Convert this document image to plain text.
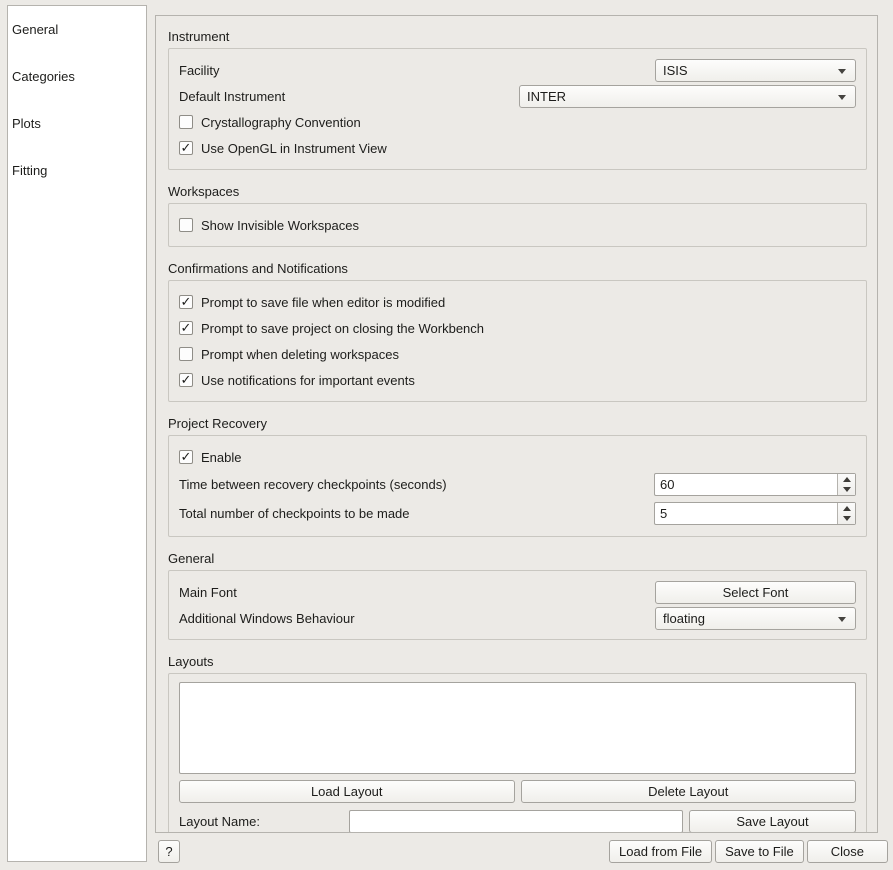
General
Categories
Plots
Fitting
Instrument
Facility	ISIS
Default Instrument	INTER
Crystallography Convention
✓ Use OpenGL in Instrument View
Workspaces
Show Invisible Workspaces
Confirmations and Notifications
✓ Prompt to save file when editor is modified
✓ Prompt to save project on closing the Workbench
Prompt when deleting workspaces
✓ Use notifications for important events
Project Recovery
✓ Enable
Time between recovery checkpoints (seconds)	60
Total number of checkpoints to be made	5
General
Main Font	Select Font
Additional Windows Behaviour	floating
Layouts
Load Layout	Delete Layout
Layout Name:	Save Layout
?	Load from File	Save to File	Close
